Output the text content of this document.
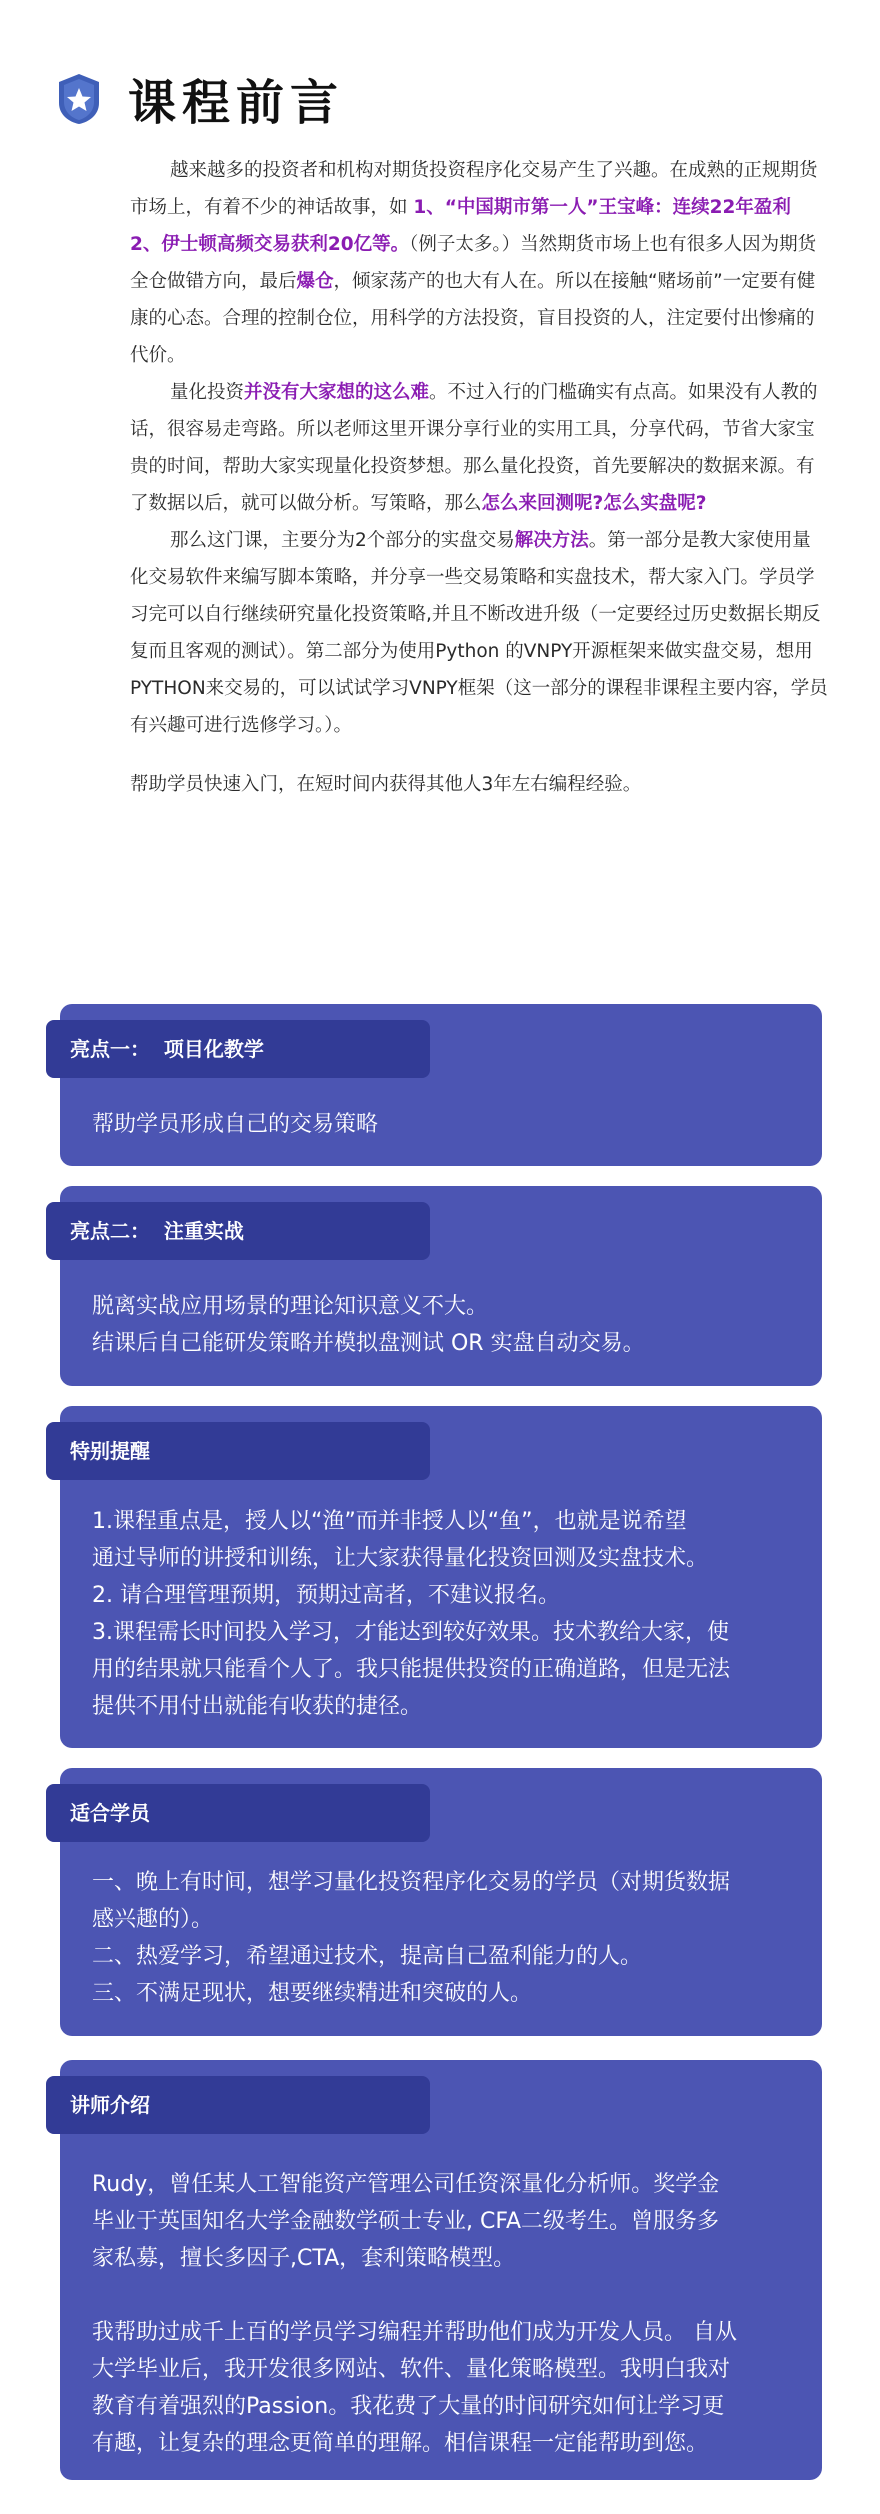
课程前言

越来越多的投资者和机构对期货投资程序化交易产生了兴趣。在成熟的正规期货市场上，有着不少的神话故事，如 1、“中国期市第一人”王宝峰：连续22年盈利 2、伊士顿高频交易获利20亿等。（例子太多。）当然期货市场上也有很多人因为期货全仓做错方向，最后爆仓，倾家荡产的也大有人在。所以在接触“赌场前”一定要有健康的心态。合理的控制仓位，用科学的方法投资，盲目投资的人，注定要付出惨痛的代价。

量化投资并没有大家想的这么难。不过入行的门槛确实有点高。如果没有人教的话，很容易走弯路。所以老师这里开课分享行业的实用工具，分享代码，节省大家宝贵的时间，帮助大家实现量化投资梦想。那么量化投资，首先要解决的数据来源。有了数据以后，就可以做分析。写策略，那么怎么来回测呢?怎么实盘呢?

那么这门课，主要分为2个部分的实盘交易解决方法。第一部分是教大家使用量化交易软件来编写脚本策略，并分享一些交易策略和实盘技术，帮大家入门。学员学习完可以自行继续研究量化投资策略,并且不断改进升级（一定要经过历史数据长期反复而且客观的测试）。第二部分为使用Python 的VNPY开源框架来做实盘交易，想用PYTHON来交易的，可以试试学习VNPY框架（这一部分的课程非课程主要内容，学员有兴趣可进行选修学习。）。

帮助学员快速入门，在短时间内获得其他人3年左右编程经验。

亮点一：  项目化教学
帮助学员形成自己的交易策略
亮点二：  注重实战
脱离实战应用场景的理论知识意义不大。
结课后自己能研发策略并模拟盘测试 OR 实盘自动交易。
特别提醒
1.课程重点是，授人以“渔”而并非授人以“鱼”，也就是说希望
通过导师的讲授和训练，让大家获得量化投资回测及实盘技术。
2. 请合理管理预期，预期过高者，不建议报名。
3.课程需长时间投入学习，才能达到较好效果。技术教给大家，使
用的结果就只能看个人了。我只能提供投资的正确道路，但是无法
提供不用付出就能有收获的捷径。
适合学员
一、晚上有时间，想学习量化投资程序化交易的学员（对期货数据
感兴趣的）。
二、热爱学习，希望通过技术，提高自己盈利能力的人。
三、不满足现状，想要继续精进和突破的人。
讲师介绍
Rudy，曾任某人工智能资产管理公司任资深量化分析师。奖学金
毕业于英国知名大学金融数学硕士专业, CFA二级考生。曾服务多
家私募，擅长多因子,CTA，套利策略模型。
我帮助过成千上百的学员学习编程并帮助他们成为开发人员。 自从
大学毕业后，我开发很多网站、软件、量化策略模型。我明白我对
教育有着强烈的Passion。我花费了大量的时间研究如何让学习更
有趣，让复杂的理念更简单的理解。相信课程一定能帮助到您。
